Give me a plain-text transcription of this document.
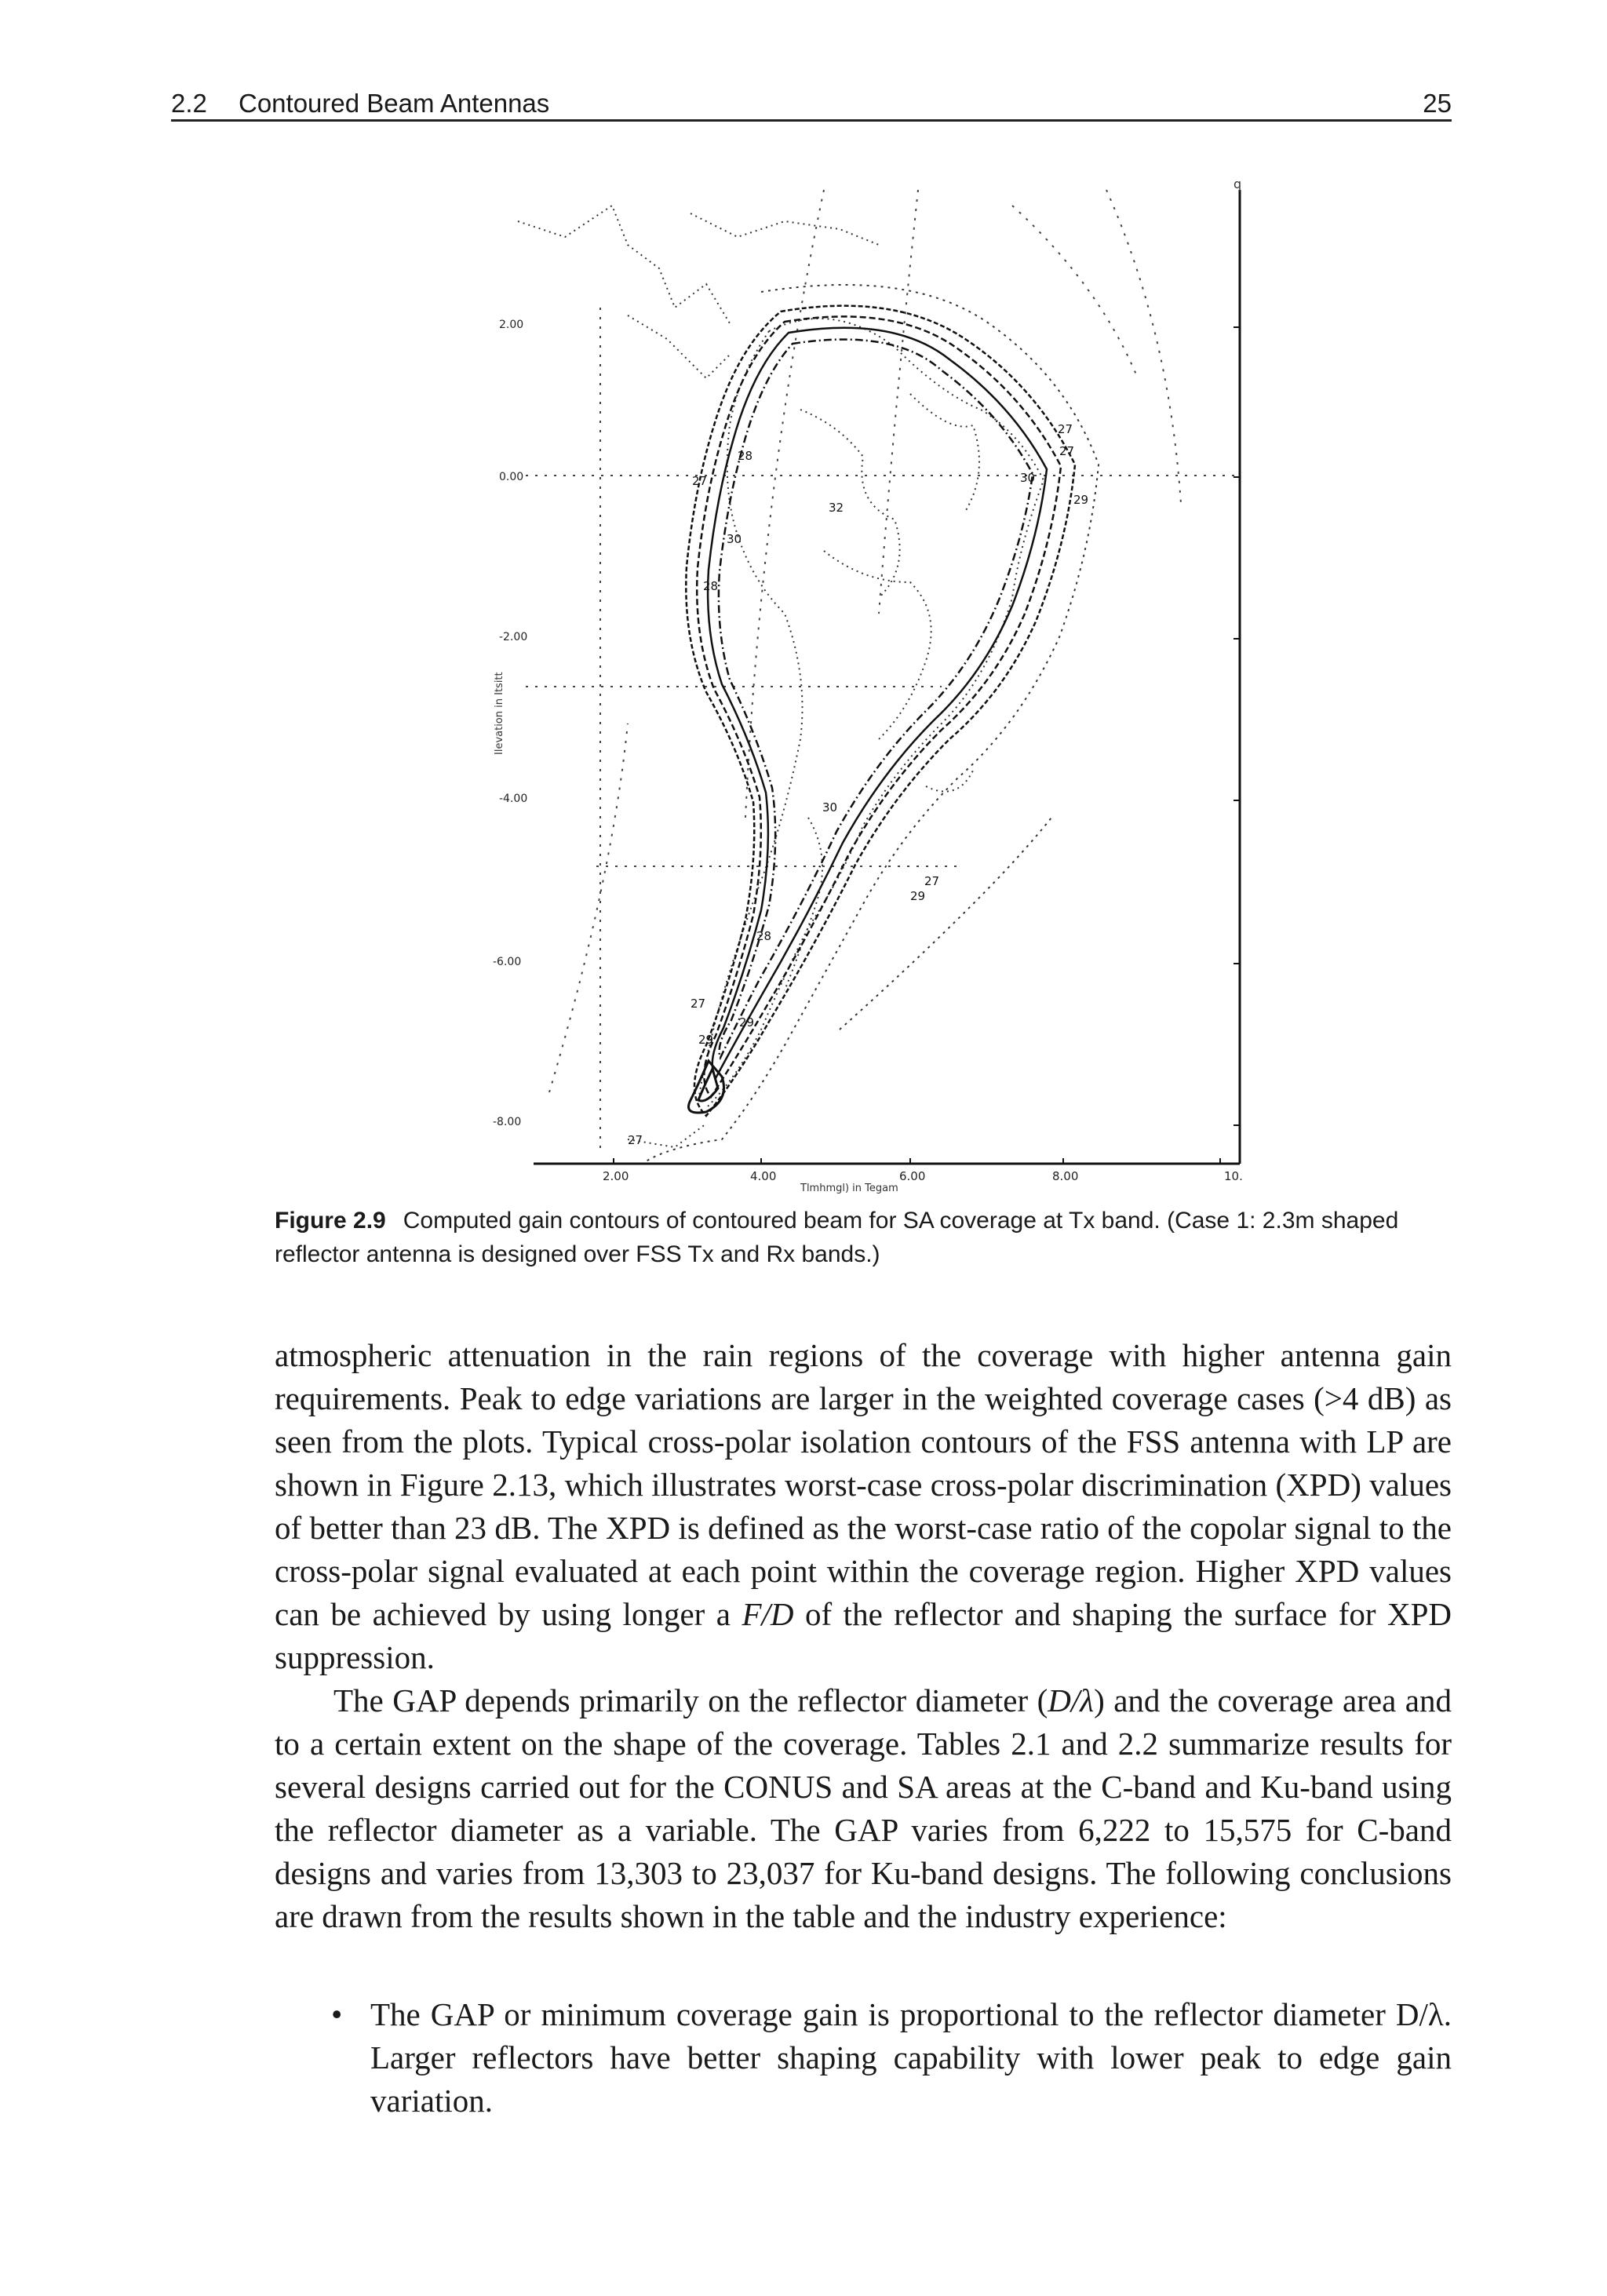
2.2 Contoured Beam Antennas	25
q
2.00	4.00	6.00	8.00	10.
Tlmhmgl) in Tegam
2.00
0.00
-2.00
-4.00
-6.00
-8.00
Ilevation in Itsitt
27
28
27	30
32
29
27
30
28
30
29
27
28
27
29
29
27
Figure 2.9 Computed gain contours of contoured beam for SA coverage at Tx band. (Case 1: 2.3m shaped reflector antenna is designed over FSS Tx and Rx bands.)

atmospheric attenuation in the rain regions of the coverage with higher antenna gain requirements. Peak to edge variations are larger in the weighted coverage cases (>4 dB) as seen from the plots. Typical cross-polar isolation contours of the FSS antenna with LP are shown in Figure 2.13, which illustrates worst-case cross-polar discrimination (XPD) values of better than 23 dB. The XPD is defined as the worst-case ratio of the copolar signal to the cross-polar signal evaluated at each point within the coverage region. Higher XPD values can be achieved by using longer a F/D of the reflector and shaping the surface for XPD suppression.

The GAP depends primarily on the reflector diameter (D/λ) and the coverage area and to a certain extent on the shape of the coverage. Tables 2.1 and 2.2 summarize results for several designs carried out for the CONUS and SA areas at the C-band and Ku-band using the reflector diameter as a variable. The GAP varies from 6,222 to 15,575 for C-band designs and varies from 13,303 to 23,037 for Ku-band designs. The following conclusions are drawn from the results shown in the table and the industry experience:

• The GAP or minimum coverage gain is proportional to the reflector diameter D/λ. Larger reflectors have better shaping capability with lower peak to edge gain variation.
